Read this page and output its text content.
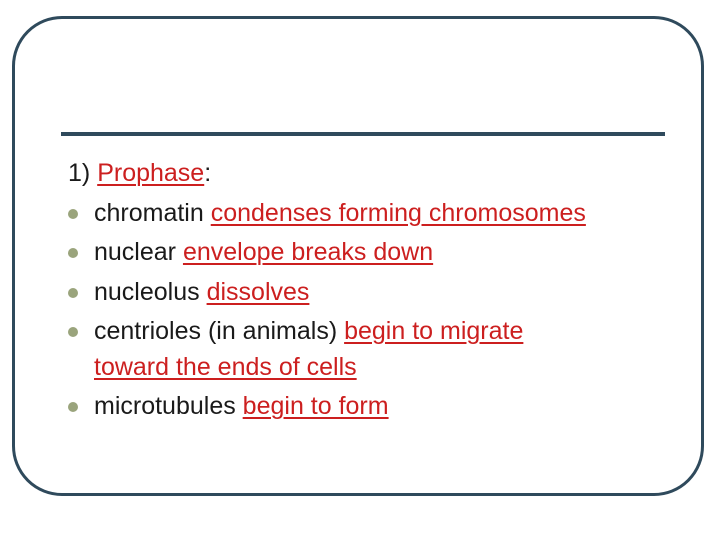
1) Prophase:
chromatin condenses forming chromosomes
nuclear envelope breaks down
nucleolus dissolves
centrioles (in animals) begin to migrate
toward the ends of cells
microtubules begin to form
